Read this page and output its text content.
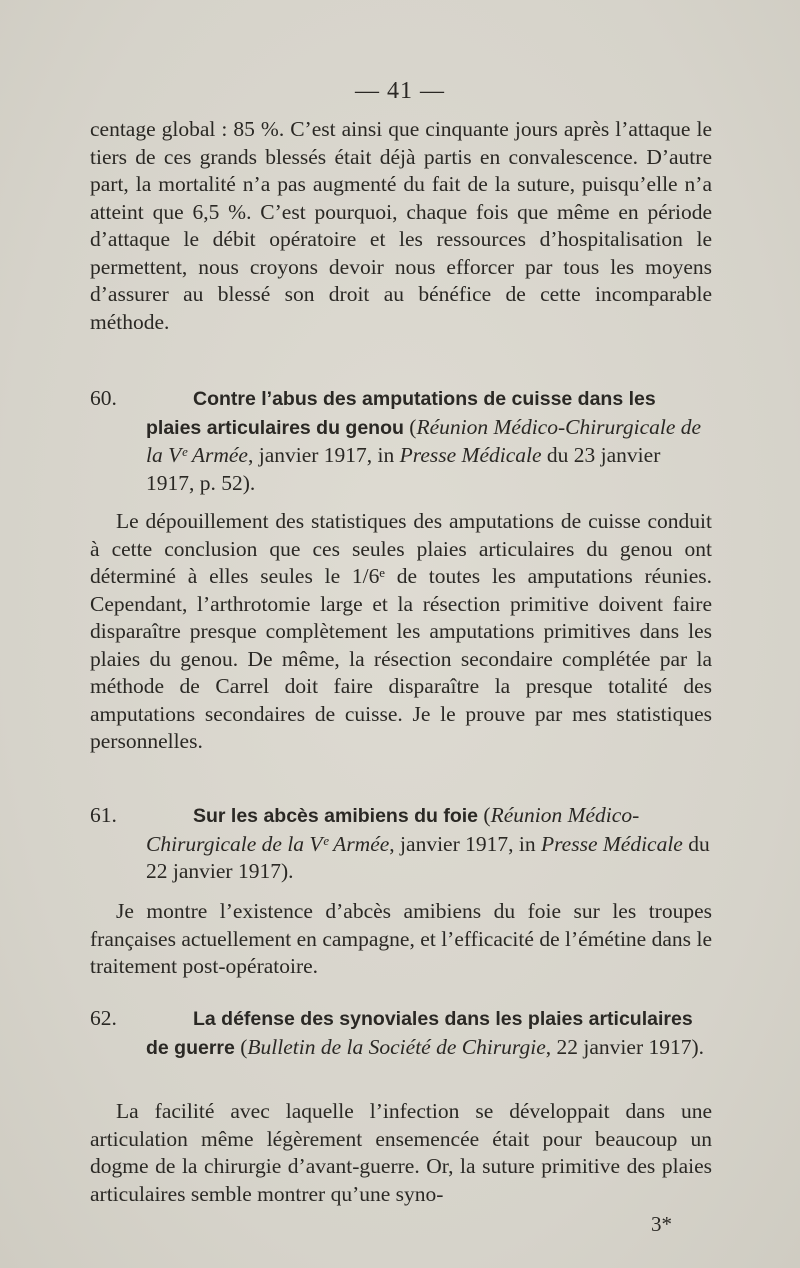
— 41 —
centage global : 85 %. C’est ainsi que cinquante jours après l’attaque le tiers de ces grands blessés était déjà partis en convalescence. D’autre part, la mortalité n’a pas augmenté du fait de la suture, puisqu’elle n’a atteint que 6,5 %. C’est pourquoi, chaque fois que même en période d’attaque le débit opératoire et les ressources d’hospitalisation le permettent, nous croyons devoir nous efforcer par tous les moyens d’assurer au blessé son droit au bénéfice de cette incomparable méthode.
60.	Contre l’abus des amputations de cuisse dans les plaies articulaires du genou (Réunion Médico-Chirurgicale de la Vᵉ Armée, janvier 1917, in Presse Médicale du 23 janvier 1917, p. 52).
Le dépouillement des statistiques des amputations de cuisse conduit à cette conclusion que ces seules plaies articulaires du genou ont déterminé à elles seules le 1/6ᵉ de toutes les amputations réunies. Cependant, l’arthrotomie large et la résection primitive doivent faire disparaître presque complètement les amputations primitives dans les plaies du genou. De même, la résection secondaire complétée par la méthode de Carrel doit faire disparaître la presque totalité des amputations secondaires de cuisse. Je le prouve par mes statistiques personnelles.
61.	Sur les abcès amibiens du foie (Réunion Médico-Chirurgicale de la Vᵉ Armée, janvier 1917, in Presse Médicale du 22 janvier 1917).
Je montre l’existence d’abcès amibiens du foie sur les troupes françaises actuellement en campagne, et l’efficacité de l’émétine dans le traitement post-opératoire.
62.	La défense des synoviales dans les plaies articulaires de guerre (Bulletin de la Société de Chirurgie, 22 janvier 1917).
La facilité avec laquelle l’infection se développait dans une articulation même légèrement ensemencée était pour beaucoup un dogme de la chirurgie d’avant-guerre. Or, la suture primitive des plaies articulaires semble montrer qu’une syno-
3*
